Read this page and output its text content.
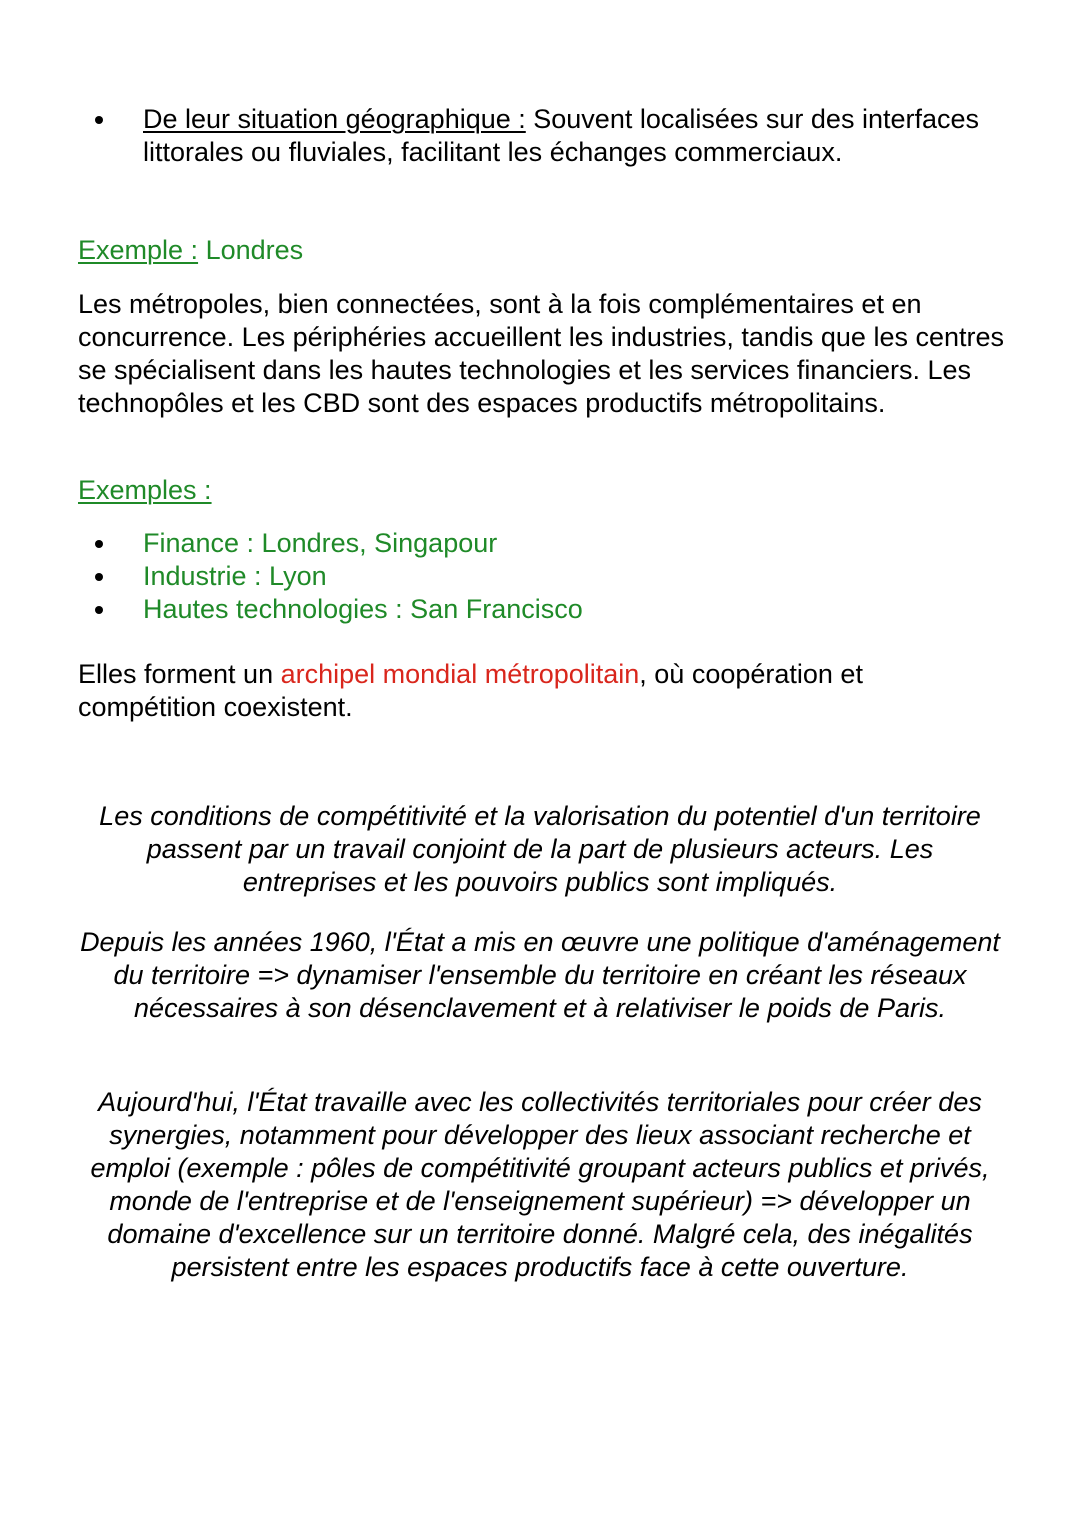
De leur situation géographique : Souvent localisées sur des interfaces littorales ou fluviales, facilitant les échanges commerciaux.
Exemple : Londres
Les métropoles, bien connectées, sont à la fois complémentaires et en concurrence. Les périphéries accueillent les industries, tandis que les centres se spécialisent dans les hautes technologies et les services financiers. Les technopôles et les CBD sont des espaces productifs métropolitains.
Exemples :
Finance : Londres, Singapour
Industrie : Lyon
Hautes technologies : San Francisco
Elles forment un archipel mondial métropolitain, où coopération et compétition coexistent.
Les conditions de compétitivité et la valorisation du potentiel d'un territoire passent par un travail conjoint de la part de plusieurs acteurs. Les entreprises et les pouvoirs publics sont impliqués.
Depuis les années 1960, l'État a mis en œuvre une politique d'aménagement du territoire => dynamiser l'ensemble du territoire en créant les réseaux nécessaires à son désenclavement et à relativiser le poids de Paris.
Aujourd'hui, l'État travaille avec les collectivités territoriales pour créer des synergies, notamment pour développer des lieux associant recherche et emploi (exemple : pôles de compétitivité groupant acteurs publics et privés, monde de l'entreprise et de l'enseignement supérieur) => développer un domaine d'excellence sur un territoire donné. Malgré cela, des inégalités persistent entre les espaces productifs face à cette ouverture.
